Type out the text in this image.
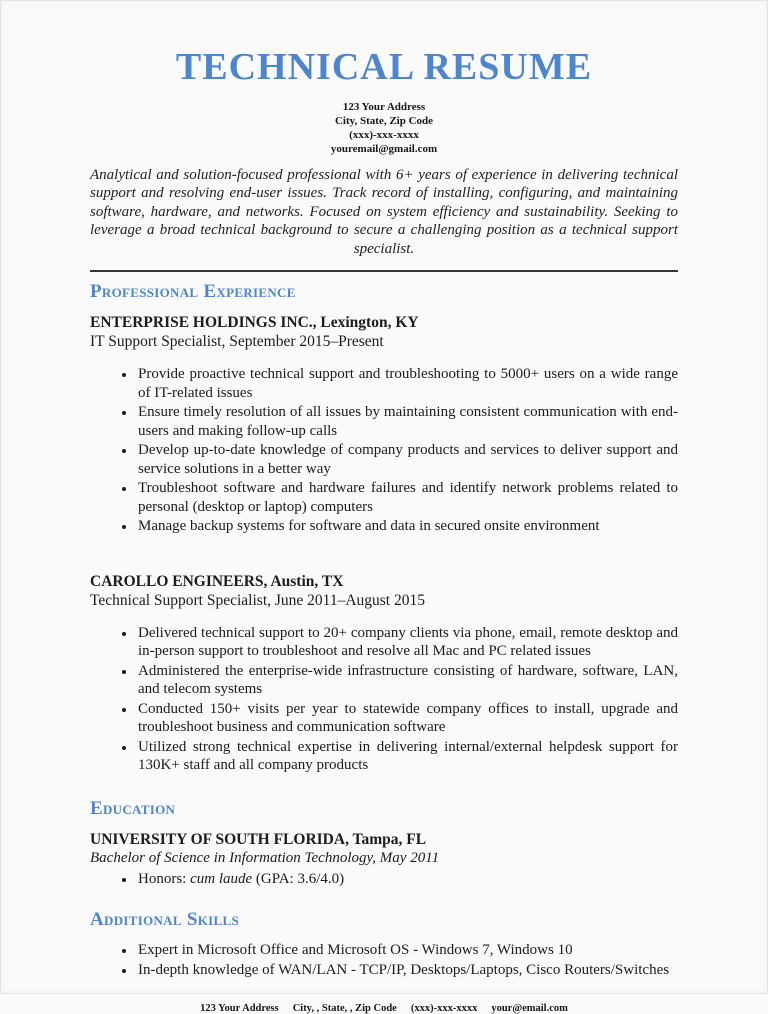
TECHNICAL RESUME
123 Your Address
City, State, Zip Code
(xxx)-xxx-xxxx
youremail@gmail.com

Analytical and solution-focused professional with 6+ years of experience in delivering technical support and resolving end-user issues. Track record of installing, configuring, and maintaining software, hardware, and networks. Focused on system efficiency and sustainability. Seeking to leverage a broad technical background to secure a challenging position as a technical support specialist.

Professional Experience
ENTERPRISE HOLDINGS INC., Lexington, KY
IT Support Specialist, September 2015–Present
• Provide proactive technical support and troubleshooting to 5000+ users on a wide range of IT-related issues
• Ensure timely resolution of all issues by maintaining consistent communication with end-users and making follow-up calls
• Develop up-to-date knowledge of company products and services to deliver support and service solutions in a better way
• Troubleshoot software and hardware failures and identify network problems related to personal (desktop or laptop) computers
• Manage backup systems for software and data in secured onsite environment
CAROLLO ENGINEERS, Austin, TX
Technical Support Specialist, June 2011–August 2015
• Delivered technical support to 20+ company clients via phone, email, remote desktop and in-person support to troubleshoot and resolve all Mac and PC related issues
• Administered the enterprise-wide infrastructure consisting of hardware, software, LAN, and telecom systems
• Conducted 150+ visits per year to statewide company offices to install, upgrade and troubleshoot business and communication software
• Utilized strong technical expertise in delivering internal/external helpdesk support for 130K+ staff and all company products
Education
UNIVERSITY OF SOUTH FLORIDA, Tampa, FL
Bachelor of Science in Information Technology, May 2011
• Honors: cum laude (GPA: 3.6/4.0)
Additional Skills
• Expert in Microsoft Office and Microsoft OS - Windows 7, Windows 10
• In-depth knowledge of WAN/LAN - TCP/IP, Desktops/Laptops, Cisco Routers/Switches
123 Your Address City, , State, , Zip Code (xxx)-xxx-xxxx your@email.com
